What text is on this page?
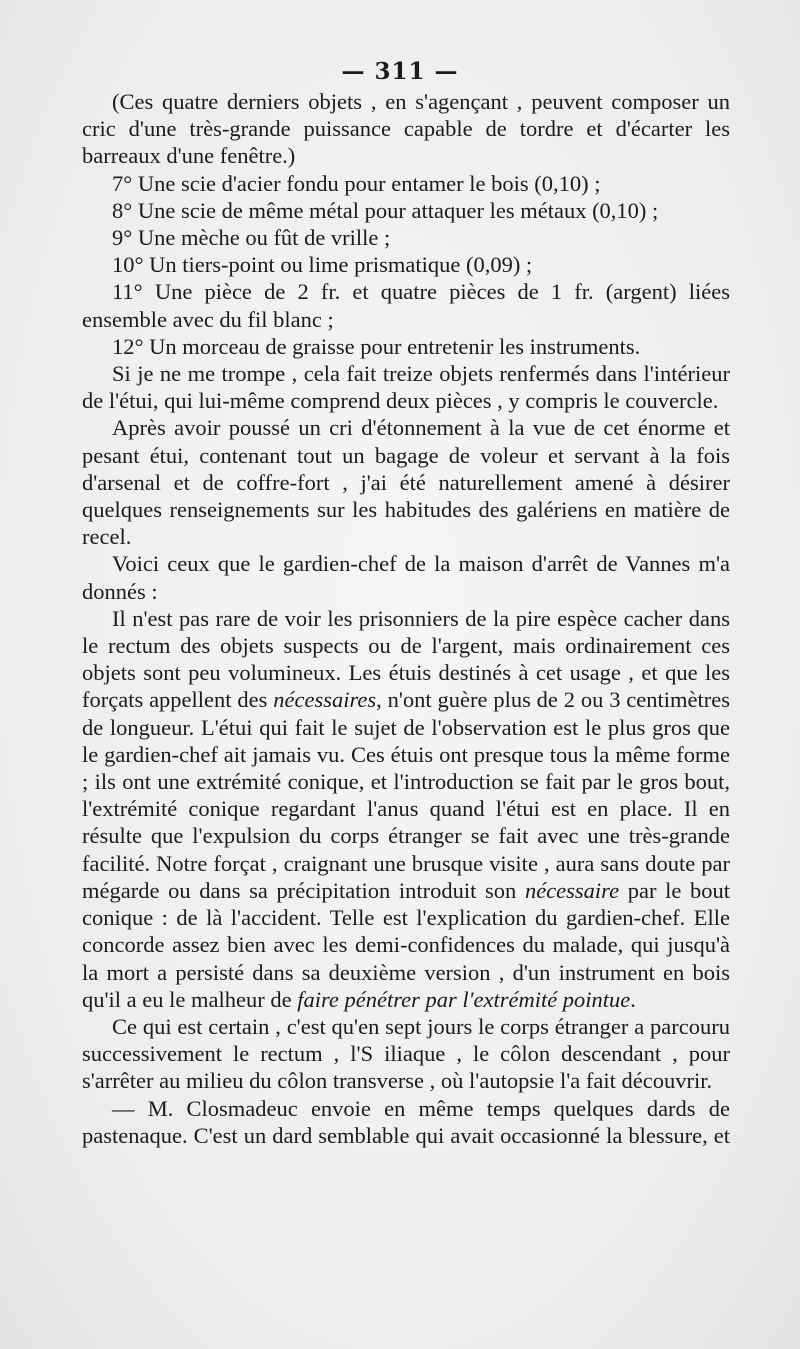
— 311 —

(Ces quatre derniers objets , en s'agençant , peuvent composer un cric d'une très-grande puissance capable de tordre et d'écarter les barreaux d'une fenêtre.)

7° Une scie d'acier fondu pour entamer le bois (0,10) ;

8° Une scie de même métal pour attaquer les métaux (0,10) ;

9° Une mèche ou fût de vrille ;

10° Un tiers-point ou lime prismatique (0,09) ;

11° Une pièce de 2 fr. et quatre pièces de 1 fr. (argent) liées ensemble avec du fil blanc ;

12° Un morceau de graisse pour entretenir les instruments.

Si je ne me trompe , cela fait treize objets renfermés dans l'intérieur de l'étui, qui lui-même comprend deux pièces , y compris le couvercle.

Après avoir poussé un cri d'étonnement à la vue de cet énorme et pesant étui, contenant tout un bagage de voleur et servant à la fois d'arsenal et de coffre-fort , j'ai été naturellement amené à désirer quelques renseignements sur les habitudes des galériens en matière de recel.

Voici ceux que le gardien-chef de la maison d'arrêt de Vannes m'a donnés :

Il n'est pas rare de voir les prisonniers de la pire espèce cacher dans le rectum des objets suspects ou de l'argent, mais ordinairement ces objets sont peu volumineux. Les étuis destinés à cet usage , et que les forçats appellent des nécessaires, n'ont guère plus de 2 ou 3 centimètres de longueur. L'étui qui fait le sujet de l'observation est le plus gros que le gardien-chef ait jamais vu. Ces étuis ont presque tous la même forme ; ils ont une extrémité conique, et l'introduction se fait par le gros bout, l'extrémité conique regardant l'anus quand l'étui est en place. Il en résulte que l'expulsion du corps étranger se fait avec une très-grande facilité. Notre forçat , craignant une brusque visite , aura sans doute par mégarde ou dans sa précipitation introduit son nécessaire par le bout conique : de là l'accident. Telle est l'explication du gardien-chef. Elle concorde assez bien avec les demi-confidences du malade, qui jusqu'à la mort a persisté dans sa deuxième version , d'un instrument en bois qu'il a eu le malheur de faire pénétrer par l'extrémité pointue.

Ce qui est certain , c'est qu'en sept jours le corps étranger a parcouru successivement le rectum , l'S iliaque , le côlon descendant , pour s'arrêter au milieu du côlon transverse , où l'autopsie l'a fait découvrir.

— M. Closmadeuc envoie en même temps quelques dards de pastenaque. C'est un dard semblable qui avait occasionné la blessure, et
